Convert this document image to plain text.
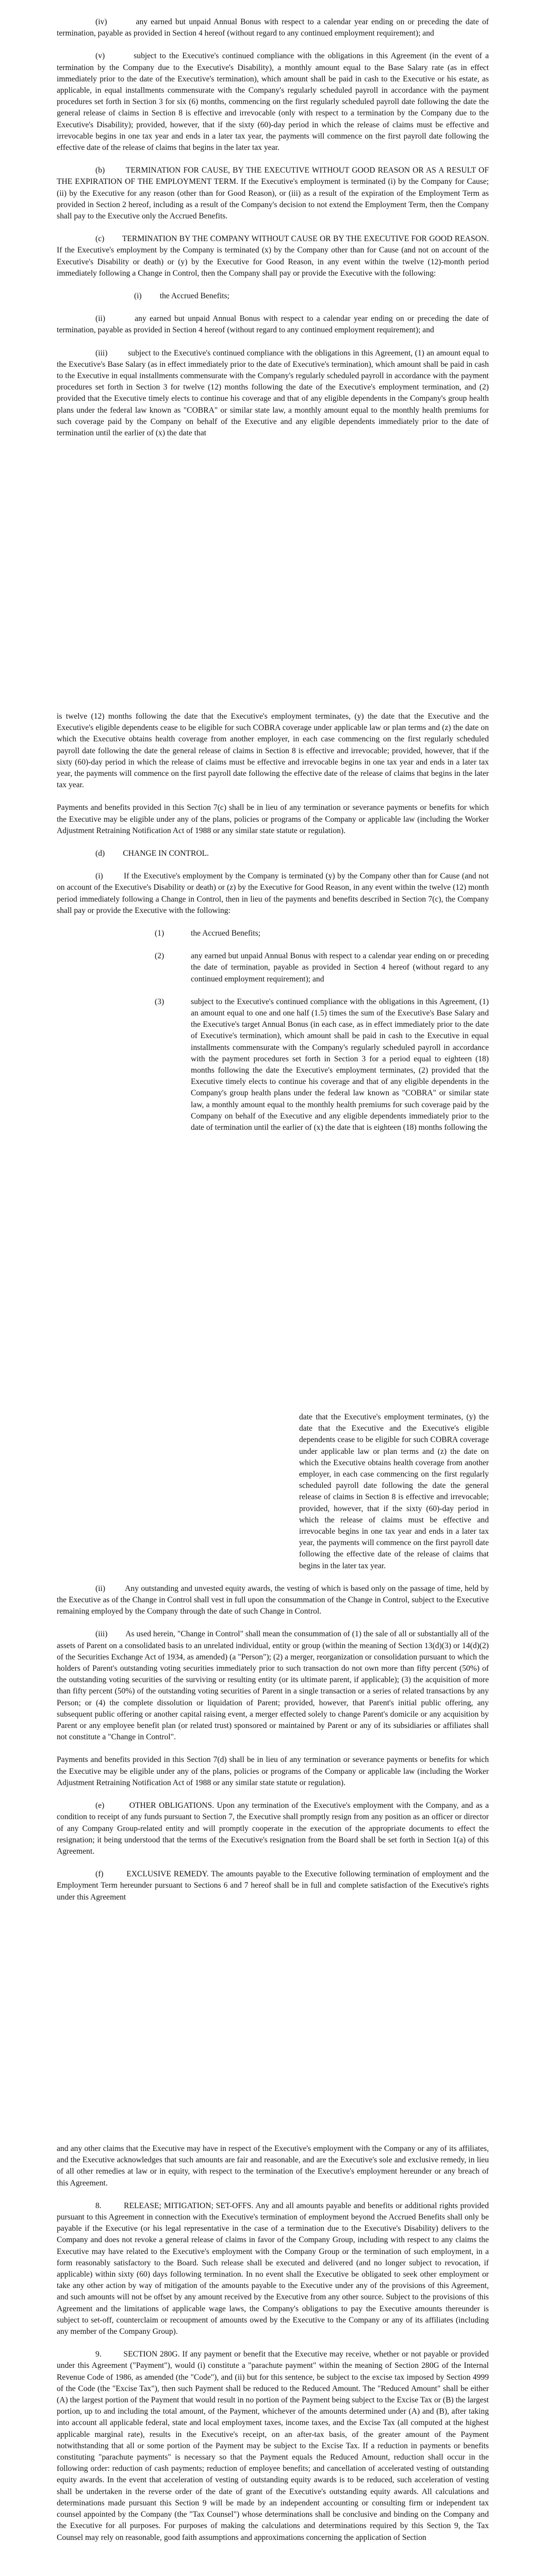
(iv)         any earned but unpaid Annual Bonus with respect to a calendar year ending on or preceding the date of termination, payable as provided in Section 4 hereof (without regard to any continued employment requirement); and

(v)         subject to the Executive's continued compliance with the obligations in this Agreement (in the event of a termination by the Company due to the Executive's Disability), a monthly amount equal to the Base Salary rate (as in effect immediately prior to the date of the Executive's termination), which amount shall be paid in cash to the Executive or his estate, as applicable, in equal installments commensurate with the Company's regularly scheduled payroll in accordance with the payment procedures set forth in Section 3 for six (6) months, commencing on the first regularly scheduled payroll date following the date the general release of claims in Section 8 is effective and irrevocable (only with respect to a termination by the Company due to the Executive's Disability); provided, however, that if the sixty (60)-day period in which the release of claims must be effective and irrevocable begins in one tax year and ends in a later tax year, the payments will commence on the first payroll date following the effective date of the release of claims that begins in the later tax year.

(b)        TERMINATION FOR CAUSE, BY THE EXECUTIVE WITHOUT GOOD REASON OR AS A RESULT OF THE EXPIRATION OF THE EMPLOYMENT TERM. If the Executive's employment is terminated (i) by the Company for Cause; (ii) by the Executive for any reason (other than for Good Reason), or (iii) as a result of the expiration of the Employment Term as provided in Section 2 hereof, including as a result of the Company's decision to not extend the Employment Term, then the Company shall pay to the Executive only the Accrued Benefits.

(c)        TERMINATION BY THE COMPANY WITHOUT CAUSE OR BY THE EXECUTIVE FOR GOOD REASON. If the Executive's employment by the Company is terminated (x) by the Company other than for Cause (and not on account of the Executive's Disability or death) or (y) by the Executive for Good Reason, in any event within the twelve (12)-month period immediately following a Change in Control, then the Company shall pay or provide the Executive with the following:

(i)         the Accrued Benefits;

(ii)         any earned but unpaid Annual Bonus with respect to a calendar year ending on or preceding the date of termination, payable as provided in Section 4 hereof (without regard to any continued employment requirement); and

(iii)         subject to the Executive's continued compliance with the obligations in this Agreement, (1) an amount equal to the Executive's Base Salary (as in effect immediately prior to the date of Executive's termination), which amount shall be paid in cash to the Executive in equal installments commensurate with the Company's regularly scheduled payroll in accordance with the payment procedures set forth in Section 3 for twelve (12) months following the date of the Executive's employment termination, and (2) provided that the Executive timely elects to continue his coverage and that of any eligible dependents in the Company's group health plans under the federal law known as "COBRA" or similar state law, a monthly amount equal to the monthly health premiums for such coverage paid by the Company on behalf of the Executive and any eligible dependents immediately prior to the date of termination until the earlier of (x) the date that

is twelve (12) months following the date that the Executive's employment terminates, (y) the date that the Executive and the Executive's eligible dependents cease to be eligible for such COBRA coverage under applicable law or plan terms and (z) the date on which the Executive obtains health coverage from another employer, in each case commencing on the first regularly scheduled payroll date following the date the general release of claims in Section 8 is effective and irrevocable; provided, however, that if the sixty (60)-day period in which the release of claims must be effective and irrevocable begins in one tax year and ends in a later tax year, the payments will commence on the first payroll date following the effective date of the release of claims that begins in the later tax year.

Payments and benefits provided in this Section 7(c) shall be in lieu of any termination or severance payments or benefits for which the Executive may be eligible under any of the plans, policies or programs of the Company or applicable law (including the Worker Adjustment Retraining Notification Act of 1988 or any similar state statute or regulation).

(d)         CHANGE IN CONTROL.

(i)         If the Executive's employment by the Company is terminated (y) by the Company other than for Cause (and not on account of the Executive's Disability or death) or (z) by the Executive for Good Reason, in any event within the twelve (12) month period immediately following a Change in Control, then in lieu of the payments and benefits described in Section 7(c), the Company shall pay or provide the Executive with the following:

(1)	the Accrued Benefits;

(2)	any earned but unpaid Annual Bonus with respect to a calendar year ending on or preceding the date of termination, payable as provided in Section 4 hereof (without regard to any continued employment requirement); and

(3)	subject to the Executive's continued compliance with the obligations in this Agreement, (1) an amount equal to one and one half (1.5) times the sum of the Executive's Base Salary and the Executive's target Annual Bonus (in each case, as in effect immediately prior to the date of Executive's termination), which amount shall be paid in cash to the Executive in equal installments commensurate with the Company's regularly scheduled payroll in accordance with the payment procedures set forth in Section 3 for a period equal to eighteen (18) months following the date the Executive's employment terminates, (2) provided that the Executive timely elects to continue his coverage and that of any eligible dependents in the Company's group health plans under the federal law known as "COBRA" or similar state law, a monthly amount equal to the monthly health premiums for such coverage paid by the Company on behalf of the Executive and any eligible dependents immediately prior to the date of termination until the earlier of (x) the date that is eighteen (18) months following the

date that the Executive's employment terminates, (y) the date that the Executive and the Executive's eligible dependents cease to be eligible for such COBRA coverage under applicable law or plan terms and (z) the date on which the Executive obtains health coverage from another employer, in each case commencing on the first regularly scheduled payroll date following the date the general release of claims in Section 8 is effective and irrevocable; provided, however, that if the sixty (60)-day period in which the release of claims must be effective and irrevocable begins in one tax year and ends in a later tax year, the payments will commence on the first payroll date following the effective date of the release of claims that begins in the later tax year.

(ii)         Any outstanding and unvested equity awards, the vesting of which is based only on the passage of time, held by the Executive as of the Change in Control shall vest in full upon the consummation of the Change in Control, subject to the Executive remaining employed by the Company through the date of such Change in Control.

(iii)         As used herein, "Change in Control" shall mean the consummation of (1) the sale of all or substantially all of the assets of Parent on a consolidated basis to an unrelated individual, entity or group (within the meaning of Section 13(d)(3) or 14(d)(2) of the Securities Exchange Act of 1934, as amended) (a "Person"); (2) a merger, reorganization or consolidation pursuant to which the holders of Parent's outstanding voting securities immediately prior to such transaction do not own more than fifty percent (50%) of the outstanding voting securities of the surviving or resulting entity (or its ultimate parent, if applicable); (3) the acquisition of more than fifty percent (50%) of the outstanding voting securities of Parent in a single transaction or a series of related transactions by any Person; or (4) the complete dissolution or liquidation of Parent; provided, however, that Parent's initial public offering, any subsequent public offering or another capital raising event, a merger effected solely to change Parent's domicile or any acquisition by Parent or any employee benefit plan (or related trust) sponsored or maintained by Parent or any of its subsidiaries or affiliates shall not constitute a "Change in Control".

Payments and benefits provided in this Section 7(d) shall be in lieu of any termination or severance payments or benefits for which the Executive may be eligible under any of the plans, policies or programs of the Company or applicable law (including the Worker Adjustment Retraining Notification Act of 1988 or any similar state statute or regulation).

(e)         OTHER OBLIGATIONS. Upon any termination of the Executive's employment with the Company, and as a condition to receipt of any funds pursuant to Section 7, the Executive shall promptly resign from any position as an officer or director of any Company Group-related entity and will promptly cooperate in the execution of the appropriate documents to effect the resignation; it being understood that the terms of the Executive's resignation from the Board shall be set forth in Section 1(a) of this Agreement.

(f)         EXCLUSIVE REMEDY. The amounts payable to the Executive following termination of employment and the Employment Term hereunder pursuant to Sections 6 and 7 hereof shall be in full and complete satisfaction of the Executive's rights under this Agreement

and any other claims that the Executive may have in respect of the Executive's employment with the Company or any of its affiliates, and the Executive acknowledges that such amounts are fair and reasonable, and are the Executive's sole and exclusive remedy, in lieu of all other remedies at law or in equity, with respect to the termination of the Executive's employment hereunder or any breach of this Agreement.

8.         RELEASE; MITIGATION; SET-OFFS. Any and all amounts payable and benefits or additional rights provided pursuant to this Agreement in connection with the Executive's termination of employment beyond the Accrued Benefits shall only be payable if the Executive (or his legal representative in the case of a termination due to the Executive's Disability) delivers to the Company and does not revoke a general release of claims in favor of the Company Group, including with respect to any claims the Executive may have related to the Executive's employment with the Company Group or the termination of such employment, in a form reasonably satisfactory to the Board. Such release shall be executed and delivered (and no longer subject to revocation, if applicable) within sixty (60) days following termination. In no event shall the Executive be obligated to seek other employment or take any other action by way of mitigation of the amounts payable to the Executive under any of the provisions of this Agreement, and such amounts will not be offset by any amount received by the Executive from any other source. Subject to the provisions of this Agreement and the limitations of applicable wage laws, the Company's obligations to pay the Executive amounts thereunder is subject to set-off, counterclaim or recoupment of amounts owed by the Executive to the Company or any of its affiliates (including any member of the Company Group).

9.         SECTION 280G. If any payment or benefit that the Executive may receive, whether or not payable or provided under this Agreement ("Payment"), would (i) constitute a "parachute payment" within the meaning of Section 280G of the Internal Revenue Code of 1986, as amended (the "Code"), and (ii) but for this sentence, be subject to the excise tax imposed by Section 4999 of the Code (the "Excise Tax"), then such Payment shall be reduced to the Reduced Amount. The "Reduced Amount" shall be either (A) the largest portion of the Payment that would result in no portion of the Payment being subject to the Excise Tax or (B) the largest portion, up to and including the total amount, of the Payment, whichever of the amounts determined under (A) and (B), after taking into account all applicable federal, state and local employment taxes, income taxes, and the Excise Tax (all computed at the highest applicable marginal rate), results in the Executive's receipt, on an after-tax basis, of the greater amount of the Payment notwithstanding that all or some portion of the Payment may be subject to the Excise Tax. If a reduction in payments or benefits constituting "parachute payments" is necessary so that the Payment equals the Reduced Amount, reduction shall occur in the following order: reduction of cash payments; reduction of employee benefits; and cancellation of accelerated vesting of outstanding equity awards. In the event that acceleration of vesting of outstanding equity awards is to be reduced, such acceleration of vesting shall be undertaken in the reverse order of the date of grant of the Executive's outstanding equity awards. All calculations and determinations made pursuant this Section 9 will be made by an independent accounting or consulting firm or independent tax counsel appointed by the Company (the "Tax Counsel") whose determinations shall be conclusive and binding on the Company and the Executive for all purposes. For purposes of making the calculations and determinations required by this Section 9, the Tax Counsel may rely on reasonable, good faith assumptions and approximations concerning the application of Section
